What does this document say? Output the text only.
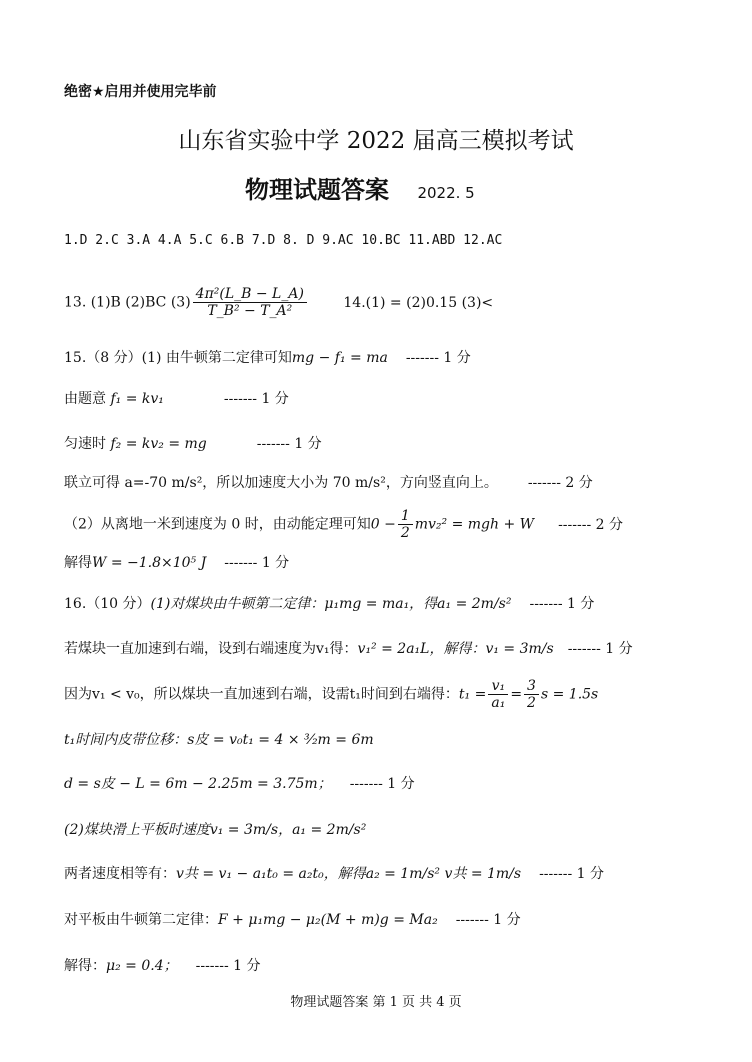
绝密★启用并使用完毕前
山东省实验中学 2022 届高三模拟考试
物理试题答案 2022. 5
1.D 2.C 3.A 4.A 5.C 6.B 7.D 8. D 9.AC 10.BC 11.ABD 12.AC
13. (1)B (2)BC $(3) \frac{\text{4π²(L\_B − L\_A)}}{\text{T\_B² − T\_A²}}$	14.(1) = (2)0.15 (3)<
15.（8 分）(1) 由牛顿第二定律可知mg − f₁ = ma ------- 1 分
由题意 f₁ = kv₁	------- 1 分
匀速时 f₂ = kv₂ = mg	------- 1 分
联立可得 a=-70 m/s²，所以加速度大小为 70 m/s²，方向竖直向上。 ------- 2 分
（2）从离地一米到速度为 0 时，由动能定理可知$0 - \frac{1}{2} mv_2^2$ = mgh + W ------- 2 分
解得W = −1.8×10⁵ J ------- 1 分
16.（10 分）(1)对煤块由牛顿第二定律：μ₁mg = ma₁，得a₁ = 2m/s² ------- 1 分
若煤块一直加速到右端，设到右端速度为v₁得：v₁² = 2a₁L，解得：v₁ = 3m/s ------- 1 分
因为v₁ < v₀，所以煤块一直加速到右端，设需t₁时间到右端得：$t_1 = \frac{\text{v₁}}{\text{a₁}} = \frac{3}{2}$ s = 1.5s
t₁时间内皮带位移：s皮 = v₀t₁ = 4 × ³⁄₂m = 6m
d = s皮 − L = 6m − 2.25m = 3.75m； ------- 1 分
(2)煤块滑上平板时速度v₁ = 3m/s，a₁ = 2m/s²
两者速度相等有：v共 = v₁ − a₁t₀ = a₂t₀，解得a₂ = 1m/s² v共 = 1m/s ------- 1 分
对平板由牛顿第二定律：F + μ₁mg − μ₂(M + m)g = Ma₂ ------- 1 分
解得：μ₂ = 0.4； ------- 1 分
物理试题答案 第 1 页 共 4 页
